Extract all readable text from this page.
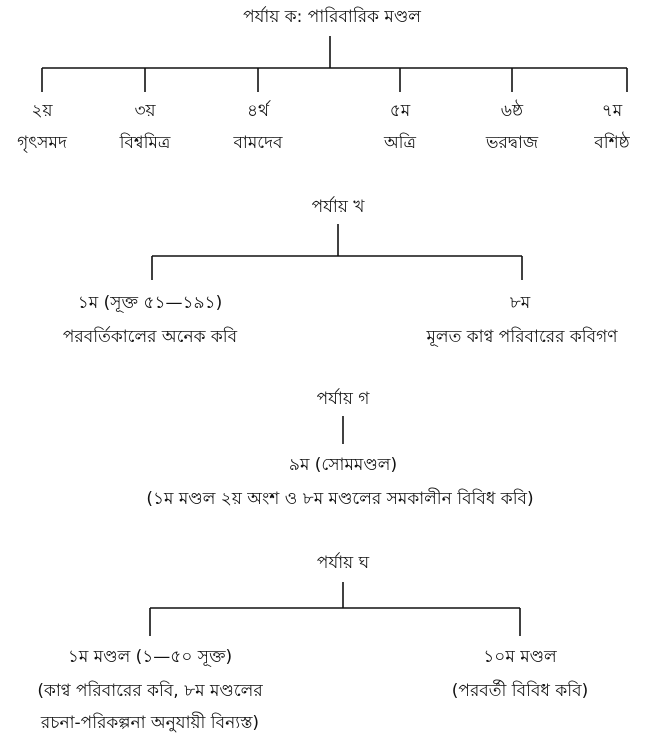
পর্যায় ক: পারিবারিক মণ্ডল
২য়
গৃৎসমদ
৩য়
বিশ্বমিত্র
৪র্থ
বামদেব
৫ম
অত্রি
৬ষ্ঠ
ভরদ্বাজ
৭ম
বশিষ্ঠ
পর্যায় খ
১ম (সূক্ত ৫১—১৯১)
পরবর্তিকালের অনেক কবি
৮ম
মূলত কাণ্ব পরিবারের কবিগণ
পর্যায় গ
৯ম (সোমমণ্ডল)
(১ম মণ্ডল ২য় অংশ ও ৮ম মণ্ডলের সমকালীন বিবিধ কবি)
পর্যায় ঘ
১ম মণ্ডল (১—৫০ সূক্ত)
(কাণ্ব পরিবারের কবি, ৮ম মণ্ডলের
রচনা-পরিকল্পনা অনুযায়ী বিন্যস্ত)
১০ম মণ্ডল
(পরবর্তী বিবিধ কবি)
